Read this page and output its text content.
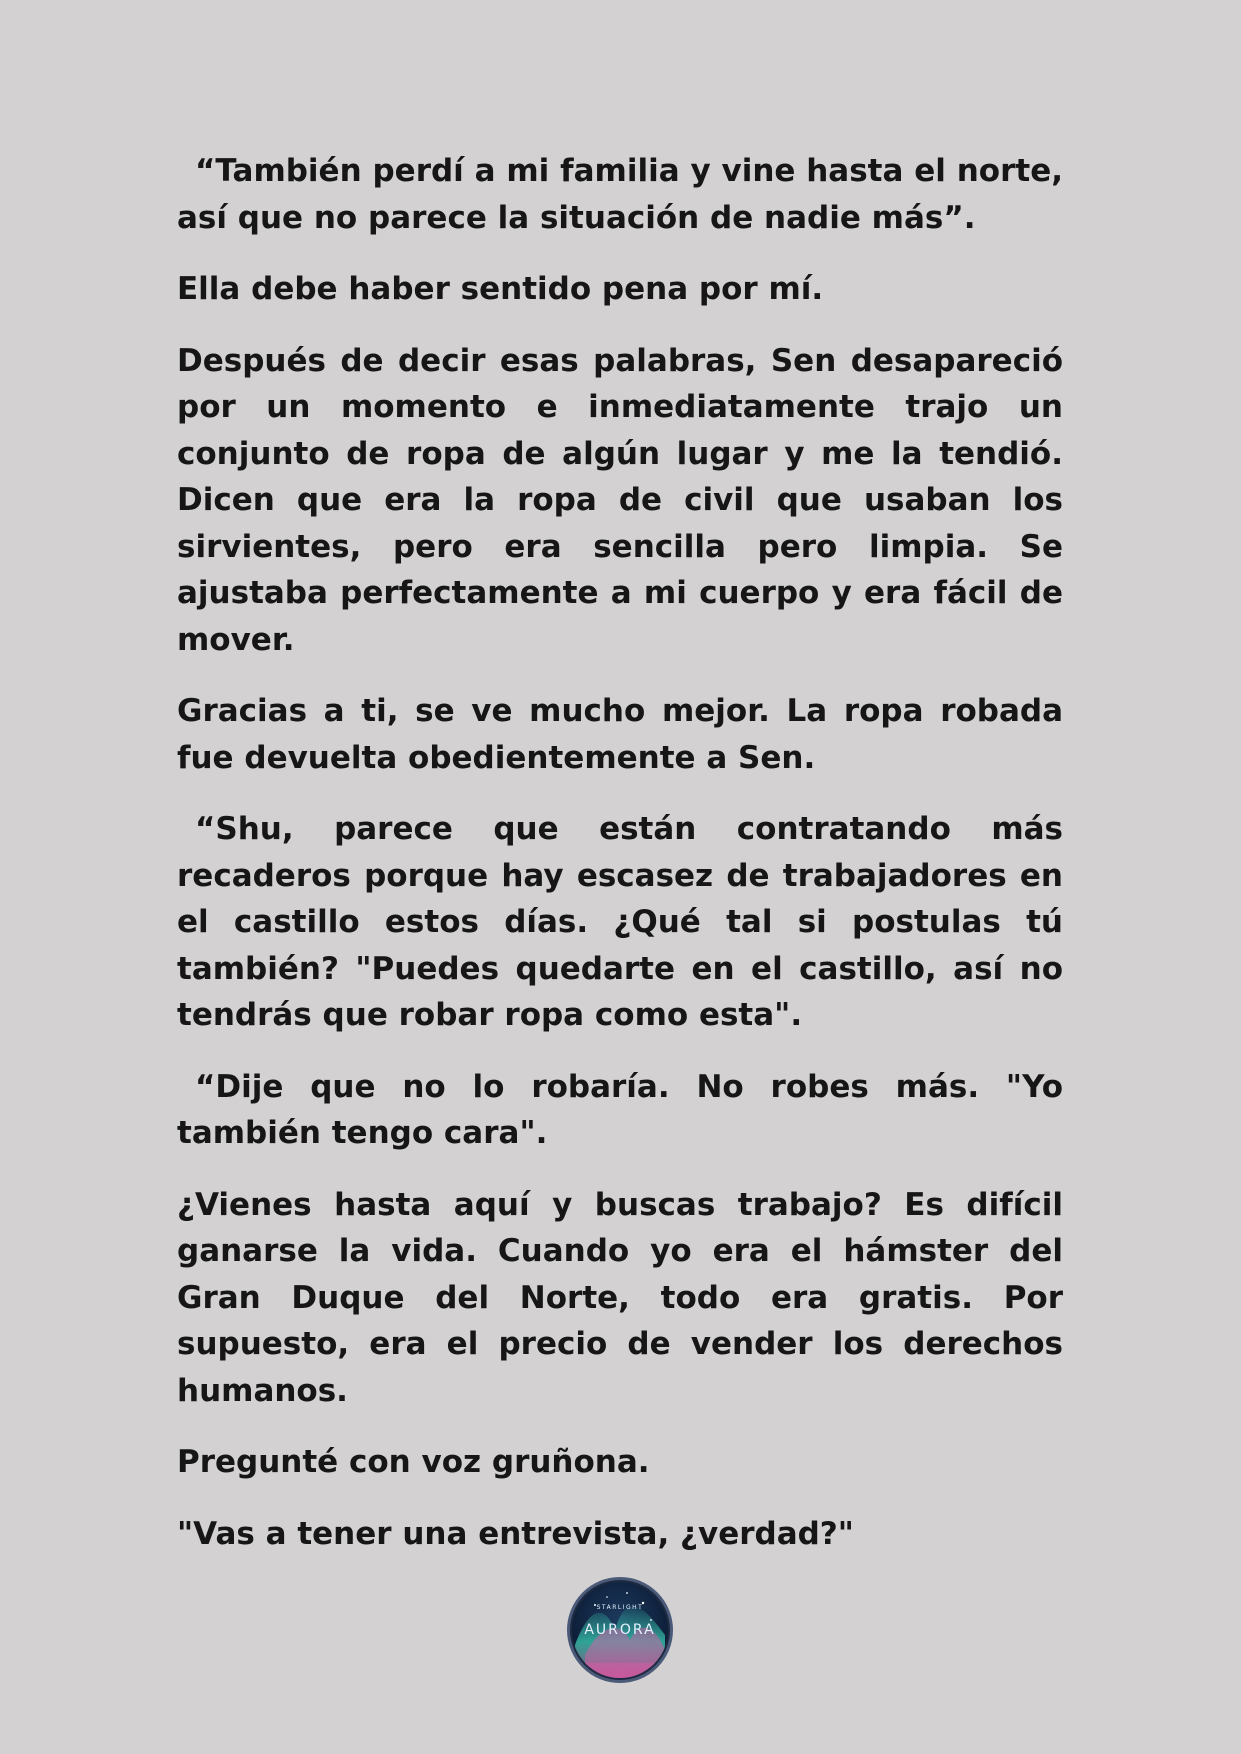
“También perdí a mi familia y vine hasta el norte, así que no parece la situación de nadie más”.

Ella debe haber sentido pena por mí.

Después de decir esas palabras, Sen desapareció por un momento e inmediatamente trajo un conjunto de ropa de algún lugar y me la tendió. Dicen que era la ropa de civil que usaban los sirvientes, pero era sencilla pero limpia. Se ajustaba perfectamente a mi cuerpo y era fácil de mover.

Gracias a ti, se ve mucho mejor. La ropa robada fue devuelta obedientemente a Sen.

“Shu, parece que están contratando más recaderos porque hay escasez de trabajadores en el castillo estos días. ¿Qué tal si postulas tú también? "Puedes quedarte en el castillo, así no tendrás que robar ropa como esta".

“Dije que no lo robaría. No robes más. "Yo también tengo cara".

¿Vienes hasta aquí y buscas trabajo? Es difícil ganarse la vida. Cuando yo era el hámster del Gran Duque del Norte, todo era gratis. Por supuesto, era el precio de vender los derechos humanos.

Pregunté con voz gruñona.

"Vas a tener una entrevista, ¿verdad?"

STARLIGHT
AURORA
